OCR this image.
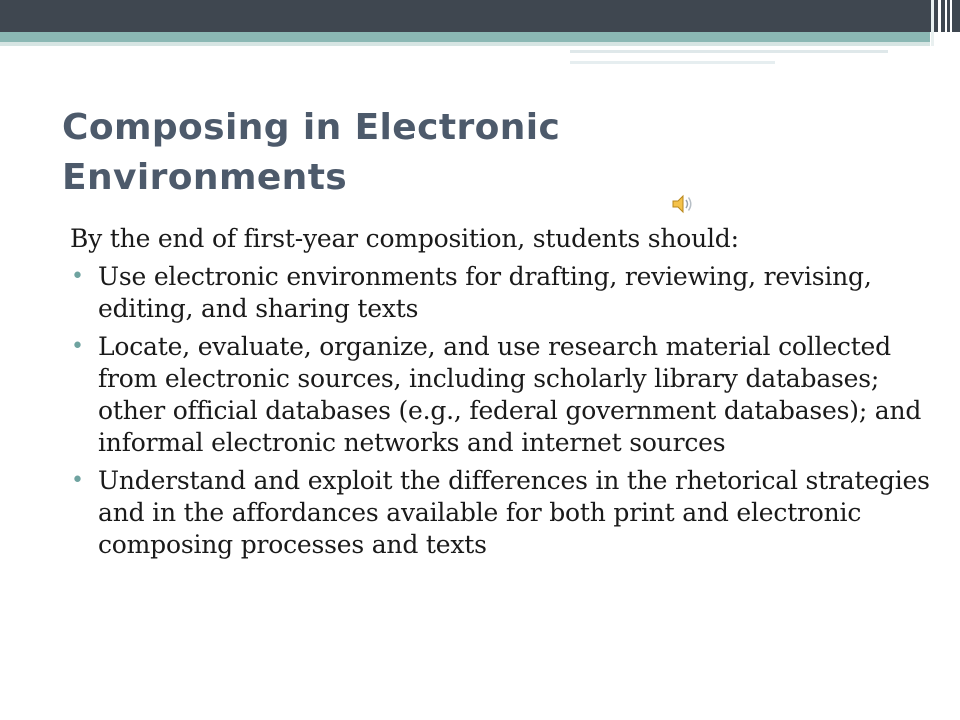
Composing in Electronic Environments

By the end of first-year composition, students should:

• Use electronic environments for drafting, reviewing, revising, editing, and sharing texts
• Locate, evaluate, organize, and use research material collected from electronic sources, including scholarly library databases; other official databases (e.g., federal government databases); and informal electronic networks and internet sources
• Understand and exploit the differences in the rhetorical strategies and in the affordances available for both print and electronic composing processes and texts
